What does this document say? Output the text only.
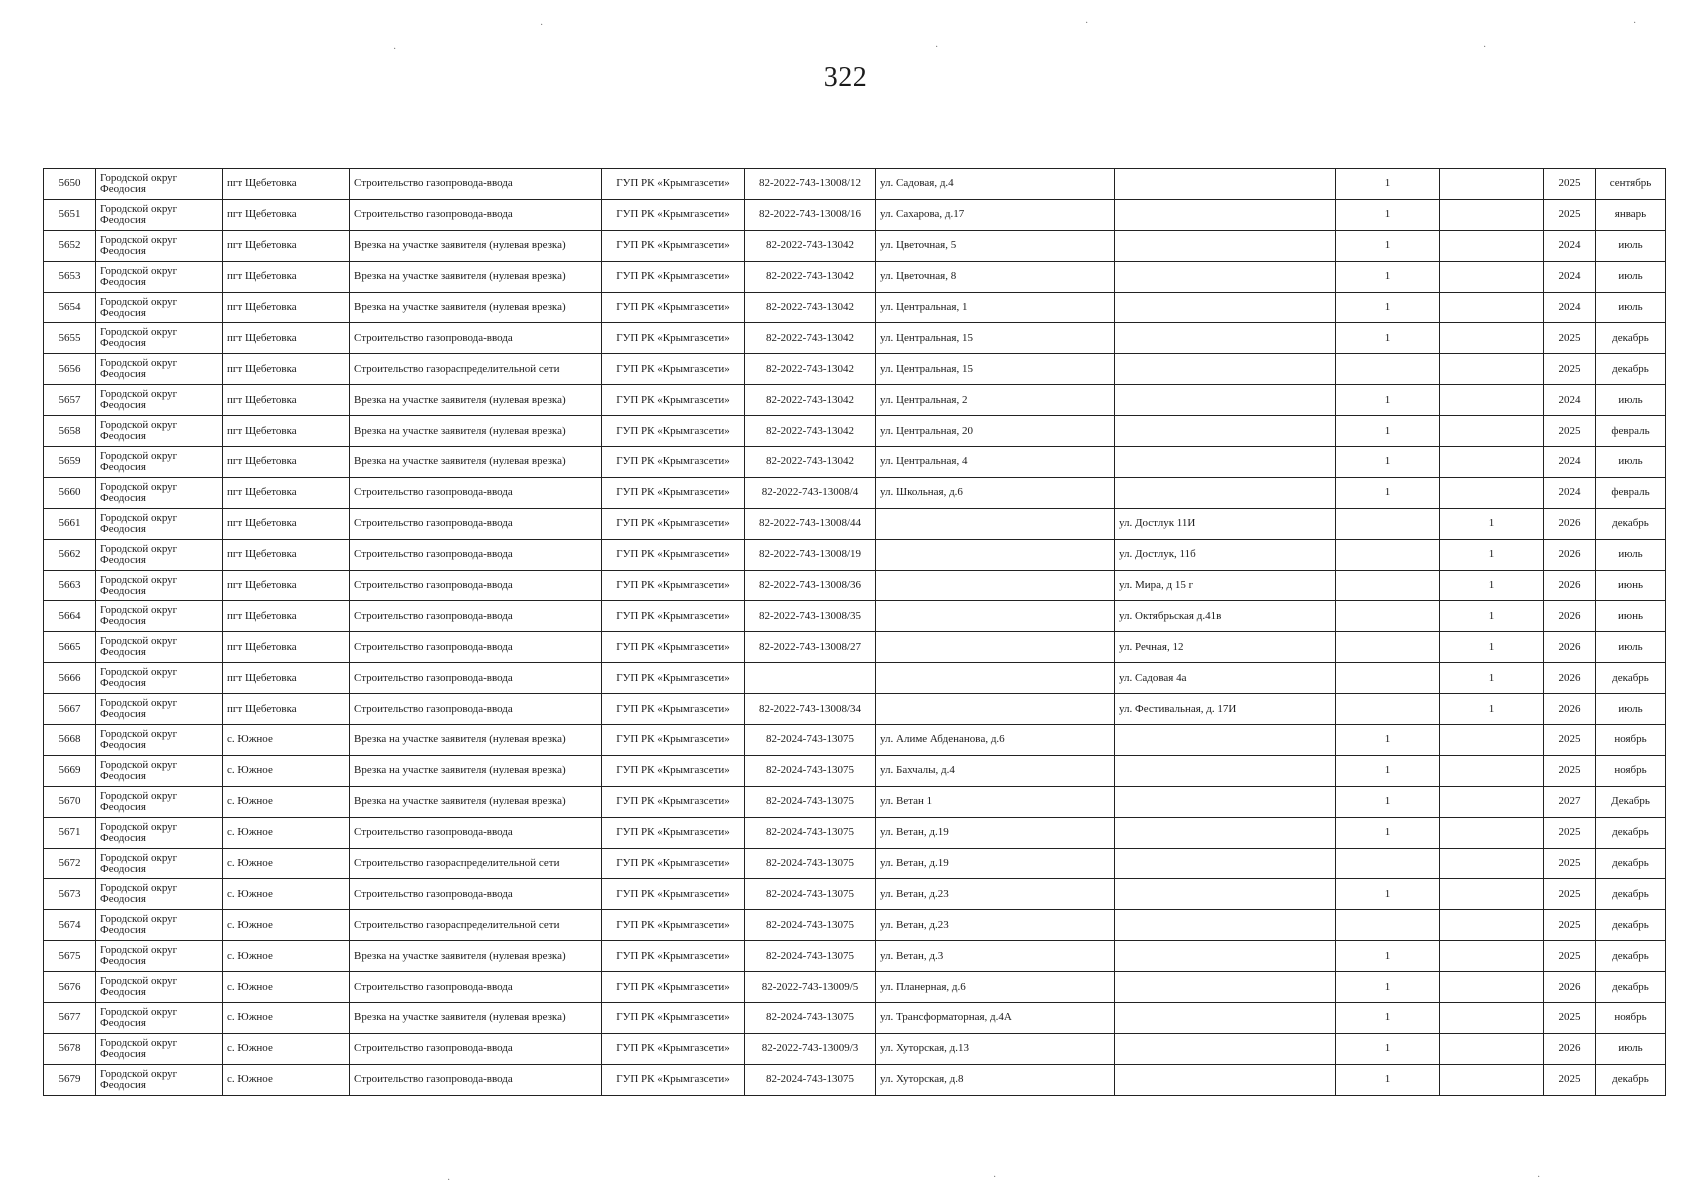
322
·	·	·
·	·	·
·	·	·
5650	Городской округ Феодосия	пгт Щебетовка	Строительство газопровода-ввода	ГУП РК «Крымгазсети»	82-2022-743-13008/12	ул. Садовая, д.4		1		2025	сентябрь
5651	Городской округ Феодосия	пгт Щебетовка	Строительство газопровода-ввода	ГУП РК «Крымгазсети»	82-2022-743-13008/16	ул. Сахарова, д.17		1		2025	январь
5652	Городской округ Феодосия	пгт Щебетовка	Врезка на участке заявителя (нулевая врезка)	ГУП РК «Крымгазсети»	82-2022-743-13042	ул. Цветочная, 5		1		2024	июль
5653	Городской округ Феодосия	пгт Щебетовка	Врезка на участке заявителя (нулевая врезка)	ГУП РК «Крымгазсети»	82-2022-743-13042	ул. Цветочная, 8		1		2024	июль
5654	Городской округ Феодосия	пгт Щебетовка	Врезка на участке заявителя (нулевая врезка)	ГУП РК «Крымгазсети»	82-2022-743-13042	ул. Центральная, 1		1		2024	июль
5655	Городской округ Феодосия	пгт Щебетовка	Строительство газопровода-ввода	ГУП РК «Крымгазсети»	82-2022-743-13042	ул. Центральная, 15		1		2025	декабрь
5656	Городской округ Феодосия	пгт Щебетовка	Строительство газораспределительной сети	ГУП РК «Крымгазсети»	82-2022-743-13042	ул. Центральная, 15				2025	декабрь
5657	Городской округ Феодосия	пгт Щебетовка	Врезка на участке заявителя (нулевая врезка)	ГУП РК «Крымгазсети»	82-2022-743-13042	ул. Центральная, 2		1		2024	июль
5658	Городской округ Феодосия	пгт Щебетовка	Врезка на участке заявителя (нулевая врезка)	ГУП РК «Крымгазсети»	82-2022-743-13042	ул. Центральная, 20		1		2025	февраль
5659	Городской округ Феодосия	пгт Щебетовка	Врезка на участке заявителя (нулевая врезка)	ГУП РК «Крымгазсети»	82-2022-743-13042	ул. Центральная, 4		1		2024	июль
5660	Городской округ Феодосия	пгт Щебетовка	Строительство газопровода-ввода	ГУП РК «Крымгазсети»	82-2022-743-13008/4	ул. Школьная, д.6		1		2024	февраль
5661	Городской округ Феодосия	пгт Щебетовка	Строительство газопровода-ввода	ГУП РК «Крымгазсети»	82-2022-743-13008/44		ул. Достлук 11И		1	2026	декабрь
5662	Городской округ Феодосия	пгт Щебетовка	Строительство газопровода-ввода	ГУП РК «Крымгазсети»	82-2022-743-13008/19		ул. Достлук, 11б		1	2026	июль
5663	Городской округ Феодосия	пгт Щебетовка	Строительство газопровода-ввода	ГУП РК «Крымгазсети»	82-2022-743-13008/36		ул. Мира, д 15 г		1	2026	июнь
5664	Городской округ Феодосия	пгт Щебетовка	Строительство газопровода-ввода	ГУП РК «Крымгазсети»	82-2022-743-13008/35		ул. Октябрьская д.41в		1	2026	июнь
5665	Городской округ Феодосия	пгт Щебетовка	Строительство газопровода-ввода	ГУП РК «Крымгазсети»	82-2022-743-13008/27		ул. Речная, 12		1	2026	июль
5666	Городской округ Феодосия	пгт Щебетовка	Строительство газопровода-ввода	ГУП РК «Крымгазсети»			ул. Садовая 4а		1	2026	декабрь
5667	Городской округ Феодосия	пгт Щебетовка	Строительство газопровода-ввода	ГУП РК «Крымгазсети»	82-2022-743-13008/34		ул. Фестивальная, д. 17И		1	2026	июль
5668	Городской округ Феодосия	с. Южное	Врезка на участке заявителя (нулевая врезка)	ГУП РК «Крымгазсети»	82-2024-743-13075	ул. Алиме Абденановa, д.6		1		2025	ноябрь
5669	Городской округ Феодосия	с. Южное	Врезка на участке заявителя (нулевая врезка)	ГУП РК «Крымгазсети»	82-2024-743-13075	ул. Бахчалы, д.4		1		2025	ноябрь
5670	Городской округ Феодосия	с. Южное	Врезка на участке заявителя (нулевая врезка)	ГУП РК «Крымгазсети»	82-2024-743-13075	ул. Ветан 1		1		2027	Декабрь
5671	Городской округ Феодосия	с. Южное	Строительство газопровода-ввода	ГУП РК «Крымгазсети»	82-2024-743-13075	ул. Ветан, д.19		1		2025	декабрь
5672	Городской округ Феодосия	с. Южное	Строительство газораспределительной сети	ГУП РК «Крымгазсети»	82-2024-743-13075	ул. Ветан, д.19				2025	декабрь
5673	Городской округ Феодосия	с. Южное	Строительство газопровода-ввода	ГУП РК «Крымгазсети»	82-2024-743-13075	ул. Ветан, д.23		1		2025	декабрь
5674	Городской округ Феодосия	с. Южное	Строительство газораспределительной сети	ГУП РК «Крымгазсети»	82-2024-743-13075	ул. Ветан, д.23				2025	декабрь
5675	Городской округ Феодосия	с. Южное	Врезка на участке заявителя (нулевая врезка)	ГУП РК «Крымгазсети»	82-2024-743-13075	ул. Ветан, д.3		1		2025	декабрь
5676	Городской округ Феодосия	с. Южное	Строительство газопровода-ввода	ГУП РК «Крымгазсети»	82-2022-743-13009/5	ул. Планерная, д.6		1		2026	декабрь
5677	Городской округ Феодосия	с. Южное	Врезка на участке заявителя (нулевая врезка)	ГУП РК «Крымгазсети»	82-2024-743-13075	ул. Трансформаторная, д.4А		1		2025	ноябрь
5678	Городской округ Феодосия	с. Южное	Строительство газопровода-ввода	ГУП РК «Крымгазсети»	82-2022-743-13009/3	ул. Хуторская, д.13		1		2026	июль
5679	Городской округ Феодосия	с. Южное	Строительство газопровода-ввода	ГУП РК «Крымгазсети»	82-2024-743-13075	ул. Хуторская, д.8		1		2025	декабрь
